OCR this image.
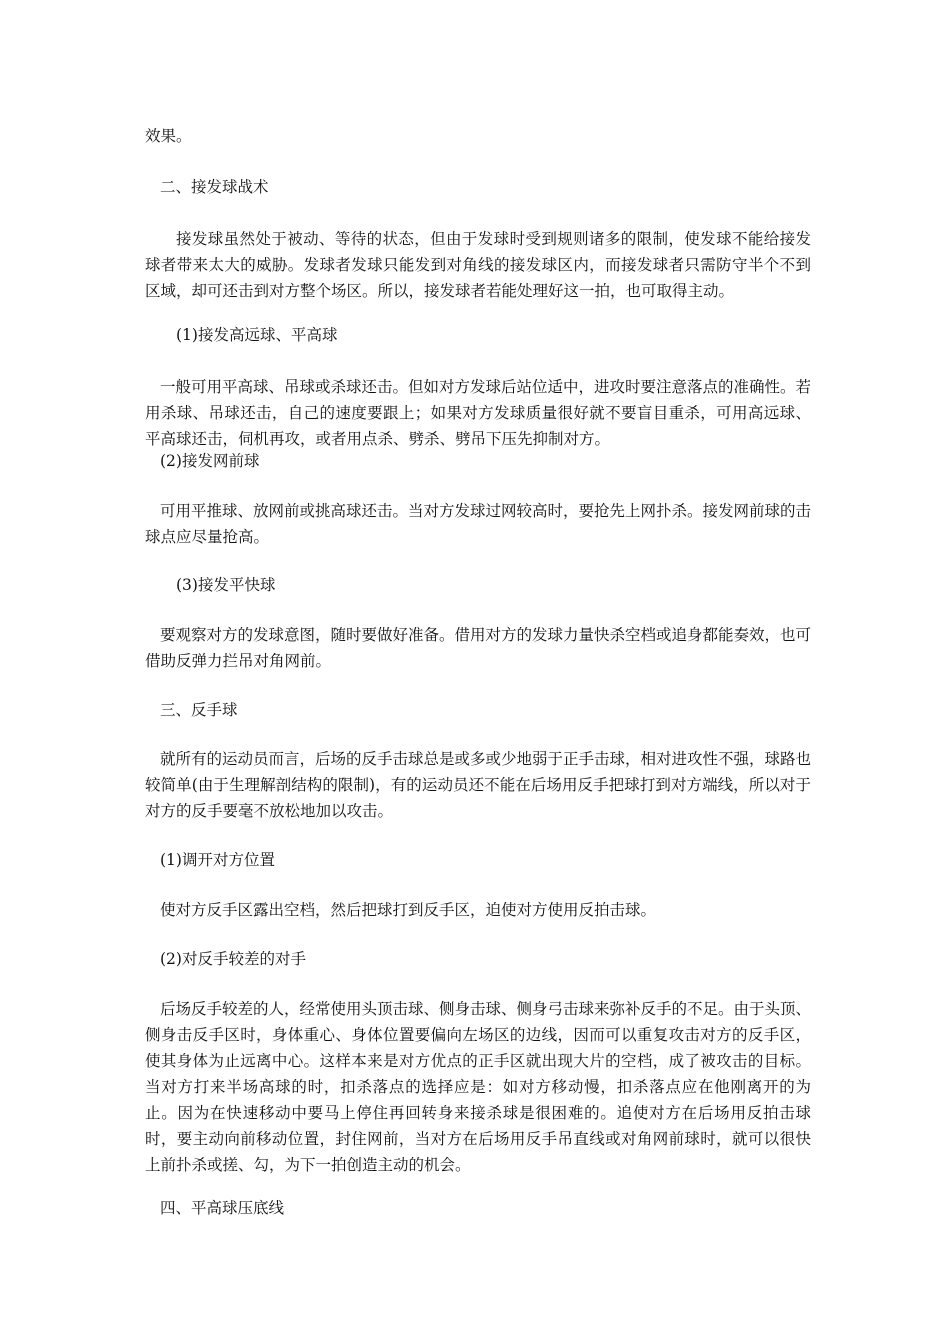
效果。
二、接发球战术
接发球虽然处于被动、等待的状态，但由于发球时受到规则诸多的限制，使发球不能给接发球者带来太大的威胁。发球者发球只能发到对角线的接发球区内，而接发球者只需防守半个不到区域，却可还击到对方整个场区。所以，接发球者若能处理好这一拍，也可取得主动。
(1)接发高远球、平高球
一般可用平高球、吊球或杀球还击。但如对方发球后站位适中，进攻时要注意落点的准确性。若用杀球、吊球还击，自己的速度要跟上；如果对方发球质量很好就不要盲目重杀，可用高远球、平高球还击，伺机再攻，或者用点杀、劈杀、劈吊下压先抑制对方。
(2)接发网前球
可用平推球、放网前或挑高球还击。当对方发球过网较高时，要抢先上网扑杀。接发网前球的击球点应尽量抢高。
(3)接发平快球
要观察对方的发球意图，随时要做好准备。借用对方的发球力量快杀空档或追身都能奏效，也可借助反弹力拦吊对角网前。
三、反手球
就所有的运动员而言，后场的反手击球总是或多或少地弱于正手击球，相对进攻性不强，球路也较简单(由于生理解剖结构的限制)，有的运动员还不能在后场用反手把球打到对方端线，所以对于对方的反手要毫不放松地加以攻击。
(1)调开对方位置
使对方反手区露出空档，然后把球打到反手区，迫使对方使用反拍击球。
(2)对反手较差的对手
后场反手较差的人，经常使用头顶击球、侧身击球、侧身弓击球来弥补反手的不足。由于头顶、侧身击反手区时，身体重心、身体位置要偏向左场区的边线，因而可以重复攻击对方的反手区，使其身体为止远离中心。这样本来是对方优点的正手区就出现大片的空档，成了被攻击的目标。当对方打来半场高球的时，扣杀落点的选择应是：如对方移动慢，扣杀落点应在他刚离开的为止。因为在快速移动中要马上停住再回转身来接杀球是很困难的。追使对方在后场用反拍击球时，要主动向前移动位置，封住网前，当对方在后场用反手吊直线或对角网前球时，就可以很快上前扑杀或搓、勾，为下一拍创造主动的机会。
四、平高球压底线
